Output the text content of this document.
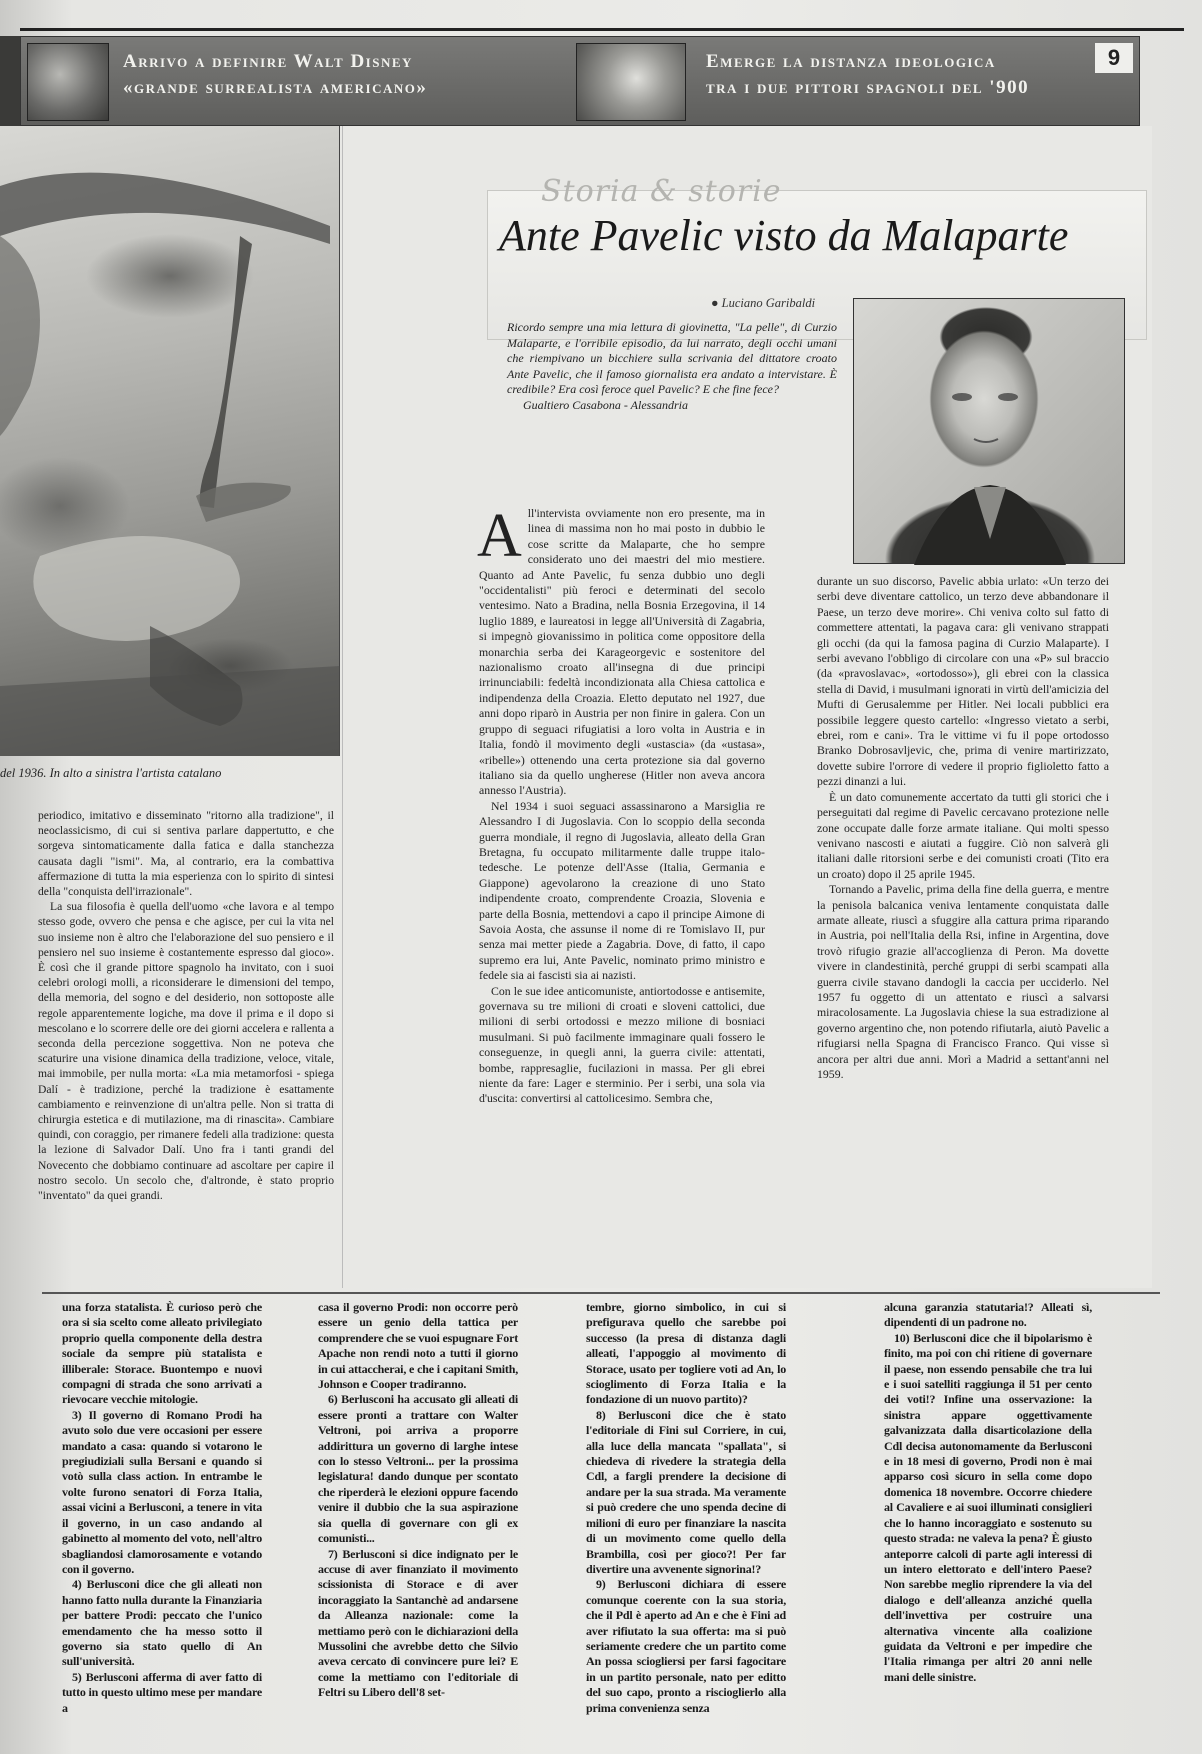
Arrivo a definire Walt Disney
«grande surrealista americano»
Emerge la distanza ideologica
tra i due pittori spagnoli del '900
9
del 1936. In alto a sinistra l'artista catalano

periodico, imitativo e disseminato "ritorno alla tradizione", il neoclassicismo, di cui si sentiva parlare dappertutto, e che sorgeva sintomaticamente dalla fatica e dalla stanchezza causata dagli "ismi". Ma, al contrario, era la combattiva affermazione di tutta la mia esperienza con lo spirito di sintesi della "conquista dell'irrazionale".

La sua filosofia è quella dell'uomo «che lavora e al tempo stesso gode, ovvero che pensa e che agisce, per cui la vita nel suo insieme non è altro che l'elaborazione del suo pensiero e il pensiero nel suo insieme è costantemente espresso dal gioco». È così che il grande pittore spagnolo ha invitato, con i suoi celebri orologi molli, a riconsiderare le dimensioni del tempo, della memoria, del sogno e del desiderio, non sottoposte alle regole apparentemente logiche, ma dove il prima e il dopo si mescolano e lo scorrere delle ore dei giorni accelera e rallenta a seconda della percezione soggettiva. Non ne poteva che scaturire una visione dinamica della tradizione, veloce, vitale, mai immobile, per nulla morta: «La mia metamorfosi - spiega Dalí - è tradizione, perché la tradizione è esattamente cambiamento e reinvenzione di un'altra pelle. Non si tratta di chirurgia estetica e di mutilazione, ma di rinascita». Cambiare quindi, con coraggio, per rimanere fedeli alla tradizione: questa la lezione di Salvador Dalí. Uno fra i tanti grandi del Novecento che dobbiamo continuare ad ascoltare per capire il nostro secolo. Un secolo che, d'altronde, è stato proprio "inventato" da quei grandi.

Storia & storie
Ante Pavelic visto da Malaparte
● Luciano Garibaldi
Ricordo sempre una mia lettura di giovinetta, "La pelle", di Curzio Malaparte, e l'orribile episodio, da lui narrato, degli occhi umani che riempivano un bicchiere sulla scrivania del dittatore croato Ante Pavelic, che il famoso giornalista era andato a intervistare. È credibile? Era così feroce quel Pavelic? E che fine fece?
Gualtiero Casabona - Alessandria

A ll'intervista ovviamente non ero presente, ma in linea di massima non ho mai posto in dubbio le cose scritte da Malaparte, che ho sempre considerato uno dei maestri del mio mestiere. Quanto ad Ante Pavelic, fu senza dubbio uno degli "occidentalisti" più feroci e determinati del secolo ventesimo. Nato a Bradina, nella Bosnia Erzegovina, il 14 luglio 1889, e laureatosi in legge all'Università di Zagabria, si impegnò giovanissimo in politica come oppositore della monarchia serba dei Karageorgevic e sostenitore del nazionalismo croato all'insegna di due principi irrinunciabili: fedeltà incondizionata alla Chiesa cattolica e indipendenza della Croazia. Eletto deputato nel 1927, due anni dopo riparò in Austria per non finire in galera. Con un gruppo di seguaci rifugiatisi a loro volta in Austria e in Italia, fondò il movimento degli «ustascia» (da «ustasa», «ribelle») ottenendo una certa protezione sia dal governo italiano sia da quello ungherese (Hitler non aveva ancora annesso l'Austria).

Nel 1934 i suoi seguaci assassinarono a Marsiglia re Alessandro I di Jugoslavia. Con lo scoppio della seconda guerra mondiale, il regno di Jugoslavia, alleato della Gran Bretagna, fu occupato militarmente dalle truppe italo-tedesche. Le potenze dell'Asse (Italia, Germania e Giappone) agevolarono la creazione di uno Stato indipendente croato, comprendente Croazia, Slovenia e parte della Bosnia, mettendovi a capo il principe Aimone di Savoia Aosta, che assunse il nome di re Tomislavo II, pur senza mai metter piede a Zagabria. Dove, di fatto, il capo supremo era lui, Ante Pavelic, nominato primo ministro e fedele sia ai fascisti sia ai nazisti.

Con le sue idee anticomuniste, antiortodosse e antisemite, governava su tre milioni di croati e sloveni cattolici, due milioni di serbi ortodossi e mezzo milione di bosniaci musulmani. Si può facilmente immaginare quali fossero le conseguenze, in quegli anni, la guerra civile: attentati, bombe, rappresaglie, fucilazioni in massa. Per gli ebrei niente da fare: Lager e sterminio. Per i serbi, una sola via d'uscita: convertirsi al cattolicesimo. Sembra che,

durante un suo discorso, Pavelic abbia urlato: «Un terzo dei serbi deve diventare cattolico, un terzo deve abbandonare il Paese, un terzo deve morire». Chi veniva colto sul fatto di commettere attentati, la pagava cara: gli venivano strappati gli occhi (da qui la famosa pagina di Curzio Malaparte). I serbi avevano l'obbligo di circolare con una «P» sul braccio (da «pravoslavac», «ortodosso»), gli ebrei con la classica stella di David, i musulmani ignorati in virtù dell'amicizia del Mufti di Gerusalemme per Hitler. Nei locali pubblici era possibile leggere questo cartello: «Ingresso vietato a serbi, ebrei, rom e cani». Tra le vittime vi fu il pope ortodosso Branko Dobrosavljevic, che, prima di venire martirizzato, dovette subire l'orrore di vedere il proprio figlioletto fatto a pezzi dinanzi a lui.

È un dato comunemente accertato da tutti gli storici che i perseguitati dal regime di Pavelic cercavano protezione nelle zone occupate dalle forze armate italiane. Qui molti spesso venivano nascosti e aiutati a fuggire. Ciò non salverà gli italiani dalle ritorsioni serbe e dei comunisti croati (Tito era un croato) dopo il 25 aprile 1945.

Tornando a Pavelic, prima della fine della guerra, e mentre la penisola balcanica veniva lentamente conquistata dalle armate alleate, riuscì a sfuggire alla cattura prima riparando in Austria, poi nell'Italia della Rsi, infine in Argentina, dove trovò rifugio grazie all'accoglienza di Peron. Ma dovette vivere in clandestinità, perché gruppi di serbi scampati alla guerra civile stavano dandogli la caccia per ucciderlo. Nel 1957 fu oggetto di un attentato e riuscì a salvarsi miracolosamente. La Jugoslavia chiese la sua estradizione al governo argentino che, non potendo rifiutarla, aiutò Pavelic a rifugiarsi nella Spagna di Francisco Franco. Qui visse sì ancora per altri due anni. Morì a Madrid a settant'anni nel 1959.

una forza statalista. È curioso però che ora si sia scelto come alleato privilegiato proprio quella componente della destra sociale da sempre più statalista e illiberale: Storace. Buontempo e nuovi compagni di strada che sono arrivati a rievocare vecchie mitologie.

3) Il governo di Romano Prodi ha avuto solo due vere occasioni per essere mandato a casa: quando si votarono le pregiudiziali sulla Bersani e quando si votò sulla class action. In entrambe le volte furono senatori di Forza Italia, assai vicini a Berlusconi, a tenere in vita il governo, in un caso andando al gabinetto al momento del voto, nell'altro sbagliandosi clamorosamente e votando con il governo.

4) Berlusconi dice che gli alleati non hanno fatto nulla durante la Finanziaria per battere Prodi: peccato che l'unico emendamento che ha messo sotto il governo sia stato quello di An sull'università.

5) Berlusconi afferma di aver fatto di tutto in questo ultimo mese per mandare a

casa il governo Prodi: non occorre però essere un genio della tattica per comprendere che se vuoi espugnare Fort Apache non rendi noto a tutti il giorno in cui attaccherai, e che i capitani Smith, Johnson e Cooper tradiranno.

6) Berlusconi ha accusato gli alleati di essere pronti a trattare con Walter Veltroni, poi arriva a proporre addirittura un governo di larghe intese con lo stesso Veltroni... per la prossima legislatura! dando dunque per scontato che riperderà le elezioni oppure facendo venire il dubbio che la sua aspirazione sia quella di governare con gli ex comunisti...

7) Berlusconi si dice indignato per le accuse di aver finanziato il movimento scissionista di Storace e di aver incoraggiato la Santanchè ad andarsene da Alleanza nazionale: come la mettiamo però con le dichiarazioni della Mussolini che avrebbe detto che Silvio aveva cercato di convincere pure lei? E come la mettiamo con l'editoriale di Feltri su Libero dell'8 set-

tembre, giorno simbolico, in cui si prefigurava quello che sarebbe poi successo (la presa di distanza dagli alleati, l'appoggio al movimento di Storace, usato per togliere voti ad An, lo scioglimento di Forza Italia e la fondazione di un nuovo partito)?

8) Berlusconi dice che è stato l'editoriale di Fini sul Corriere, in cui, alla luce della mancata "spallata", si chiedeva di rivedere la strategia della Cdl, a fargli prendere la decisione di andare per la sua strada. Ma veramente si può credere che uno spenda decine di milioni di euro per finanziare la nascita di un movimento come quello della Brambilla, così per gioco?! Per far divertire una avvenente signorina!?

9) Berlusconi dichiara di essere comunque coerente con la sua storia, che il Pdl è aperto ad An e che è Fini ad aver rifiutato la sua offerta: ma si può seriamente credere che un partito come An possa sciogliersi per farsi fagocitare in un partito personale, nato per editto del suo capo, pronto a riscioglierlo alla prima convenienza senza

alcuna garanzia statutaria!? Alleati sì, dipendenti di un padrone no.

10) Berlusconi dice che il bipolarismo è finito, ma poi con chi ritiene di governare il paese, non essendo pensabile che tra lui e i suoi satelliti raggiunga il 51 per cento dei voti!? Infine una osservazione: la sinistra appare oggettivamente galvanizzata dalla disarticolazione della Cdl decisa autonomamente da Berlusconi e in 18 mesi di governo, Prodi non è mai apparso così sicuro in sella come dopo domenica 18 novembre. Occorre chiedere al Cavaliere e ai suoi illuminati consiglieri che lo hanno incoraggiato e sostenuto su questo strada: ne valeva la pena? È giusto anteporre calcoli di parte agli interessi di un intero elettorato e dell'intero Paese? Non sarebbe meglio riprendere la via del dialogo e dell'alleanza anziché quella dell'invettiva per costruire una alternativa vincente alla coalizione guidata da Veltroni e per impedire che l'Italia rimanga per altri 20 anni nelle mani delle sinistre.
